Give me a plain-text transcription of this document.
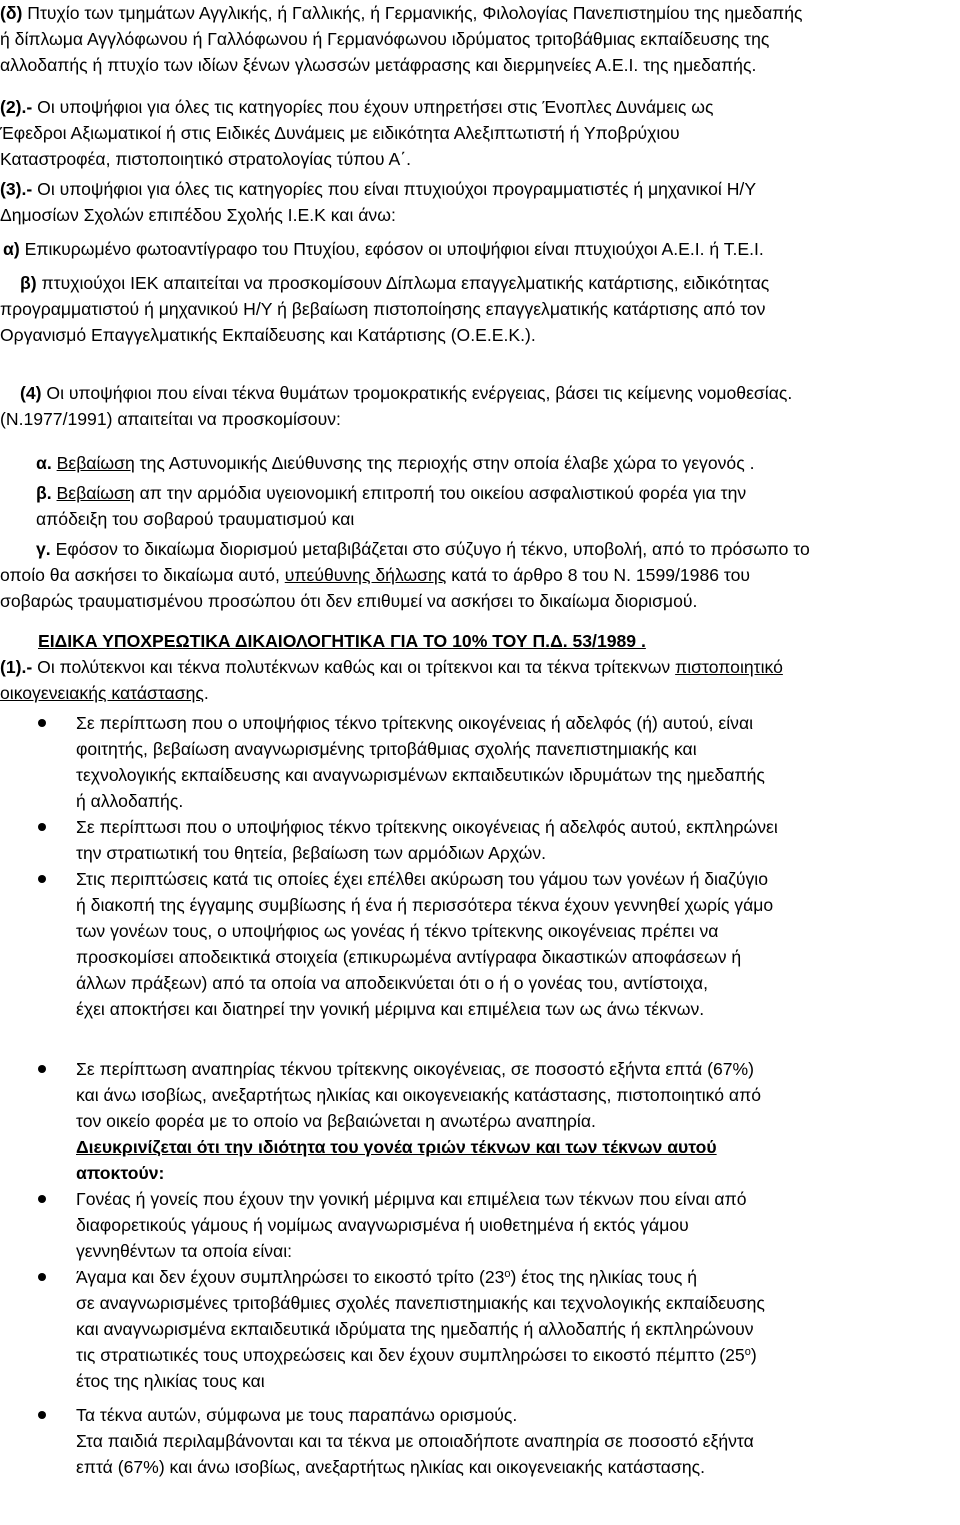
(δ) Πτυχίο των τμημάτων Αγγλικής, ή Γαλλικής, ή Γερμανικής, Φιλολογίας Πανεπιστημίου της ημεδαπής

ή δίπλωμα Αγγλόφωνου ή Γαλλόφωνου ή Γερμανόφωνου ιδρύματος τριτοβάθμιας εκπαίδευσης της

αλλοδαπής ή πτυχίο των ιδίων ξένων γλωσσών μετάφρασης και διερμηνείες Α.Ε.Ι. της ημεδαπής.

(2).- Οι υποψήφιοι για όλες τις κατηγορίες που έχουν υπηρετήσει στις Ένοπλες Δυνάμεις ως

Έφεδροι Αξιωματικοί ή στις Ειδικές Δυνάμεις με ειδικότητα Αλεξιπτωτιστή ή Υποβρύχιου

Καταστροφέα, πιστοποιητικό στρατολογίας τύπου Α΄.

(3).- Οι υποψήφιοι για όλες τις κατηγορίες που είναι πτυχιούχοι προγραμματιστές ή μηχανικοί Η/Υ

Δημοσίων Σχολών επιπέδου Σχολής Ι.Ε.Κ και άνω:

α) Επικυρωμένο φωτοαντίγραφο του Πτυχίου, εφόσον οι υποψήφιοι είναι πτυχιούχοι Α.Ε.Ι. ή Τ.Ε.Ι.

β) πτυχιούχοι ΙΕΚ απαιτείται να προσκομίσουν Δίπλωμα επαγγελματικής κατάρτισης, ειδικότητας

προγραμματιστού ή μηχανικού Η/Υ ή βεβαίωση πιστοποίησης επαγγελματικής κατάρτισης από τον

Οργανισμό Επαγγελματικής Εκπαίδευσης και Κατάρτισης (Ο.Ε.Ε.Κ.).

(4) Οι υποψήφιοι που είναι τέκνα θυμάτων τρομοκρατικής ενέργειας, βάσει τις κείμενης νομοθεσίας.

(Ν.1977/1991) απαιτείται να προσκομίσουν:

α. Βεβαίωση της Αστυνομικής Διεύθυνσης της περιοχής στην οποία έλαβε χώρα το γεγονός .

β. Βεβαίωση απ την αρμόδια υγειονομική επιτροπή του οικείου ασφαλιστικού φορέα για την

απόδειξη του σοβαρού τραυματισμού και

γ. Εφόσον το δικαίωμα διορισμού μεταβιβάζεται στο σύζυγο ή τέκνο, υποβολή, από το πρόσωπο το

οποίο θα ασκήσει το δικαίωμα αυτό, υπεύθυνης δήλωσης κατά το άρθρο 8 του Ν. 1599/1986 του

σοβαρώς τραυματισμένου προσώπου ότι δεν επιθυμεί να ασκήσει το δικαίωμα διορισμού.

ΕΙΔΙΚΑ ΥΠΟΧΡΕΩΤΙΚΑ ΔΙΚΑΙΟΛΟΓΗΤΙΚΑ ΓΙΑ ΤΟ 10% ΤΟΥ Π.Δ. 53/1989 .

(1).- Οι πολύτεκνοι και τέκνα πολυτέκνων καθώς και οι τρίτεκνοι και τα τέκνα τρίτεκνων πιστοποιητικό

οικογενειακής κατάστασης.

Σε περίπτωση που ο υποψήφιος τέκνο τρίτεκνης οικογένειας ή αδελφός (ή) αυτού, είναι

φοιτητής, βεβαίωση αναγνωρισμένης τριτοβάθμιας σχολής πανεπιστημιακής και

τεχνολογικής εκπαίδευσης και αναγνωρισμένων εκπαιδευτικών ιδρυμάτων της ημεδαπής

ή αλλοδαπής.

Σε περίπτωσι που ο υποψήφιος τέκνο τρίτεκνης οικογένειας ή αδελφός αυτού, εκπληρώνει

την στρατιωτική του θητεία, βεβαίωση των αρμόδιων Αρχών.

Στις περιπτώσεις κατά τις οποίες έχει επέλθει ακύρωση του γάμου των γονέων ή διαζύγιο

ή διακοπή της έγγαμης συμβίωσης ή ένα ή περισσότερα τέκνα έχουν γεννηθεί χωρίς γάμο

των γονέων τους, ο υποψήφιος ως γονέας ή τέκνο τρίτεκνης οικογένειας πρέπει να

προσκομίσει αποδεικτικά στοιχεία (επικυρωμένα αντίγραφα δικαστικών αποφάσεων ή

άλλων πράξεων) από τα οποία να αποδεικνύεται ότι ο ή ο γονέας του, αντίστοιχα,

έχει αποκτήσει και διατηρεί την γονική μέριμνα και επιμέλεια των ως άνω τέκνων.

Σε περίπτωση αναπηρίας τέκνου τρίτεκνης οικογένειας, σε ποσοστό εξήντα επτά (67%)

και άνω ισοβίως, ανεξαρτήτως ηλικίας και οικογενειακής κατάστασης, πιστοποιητικό από

τον οικείο φορέα με το οποίο να βεβαιώνεται η ανωτέρω αναπηρία.

Διευκρινίζεται ότι την ιδιότητα του γονέα τριών τέκνων και των τέκνων αυτού

αποκτούν:

Γονέας ή γονείς που έχουν την γονική μέριμνα και επιμέλεια των τέκνων που είναι από

διαφορετικούς γάμους ή νομίμως αναγνωρισμένα ή υιοθετημένα ή εκτός γάμου

γεννηθέντων τα οποία είναι:

Άγαμα και δεν έχουν συμπληρώσει το εικοστό τρίτο $(23^o)$ έτος της ηλικίας τους ή

σε αναγνωρισμένες τριτοβάθμιες σχολές πανεπιστημιακής και τεχνολογικής εκπαίδευσης

και αναγνωρισμένα εκπαιδευτικά ιδρύματα της ημεδαπής ή αλλοδαπής ή εκπληρώνουν

τις στρατιωτικές τους υποχρεώσεις και δεν έχουν συμπληρώσει το εικοστό πέμπτο $(25^o)$

έτος της ηλικίας τους και

Τα τέκνα αυτών, σύμφωνα με τους παραπάνω ορισμούς.

Στα παιδιά περιλαμβάνονται και τα τέκνα με οποιαδήποτε αναπηρία σε ποσοστό εξήντα

επτά (67%) και άνω ισοβίως, ανεξαρτήτως ηλικίας και οικογενειακής κατάστασης.
